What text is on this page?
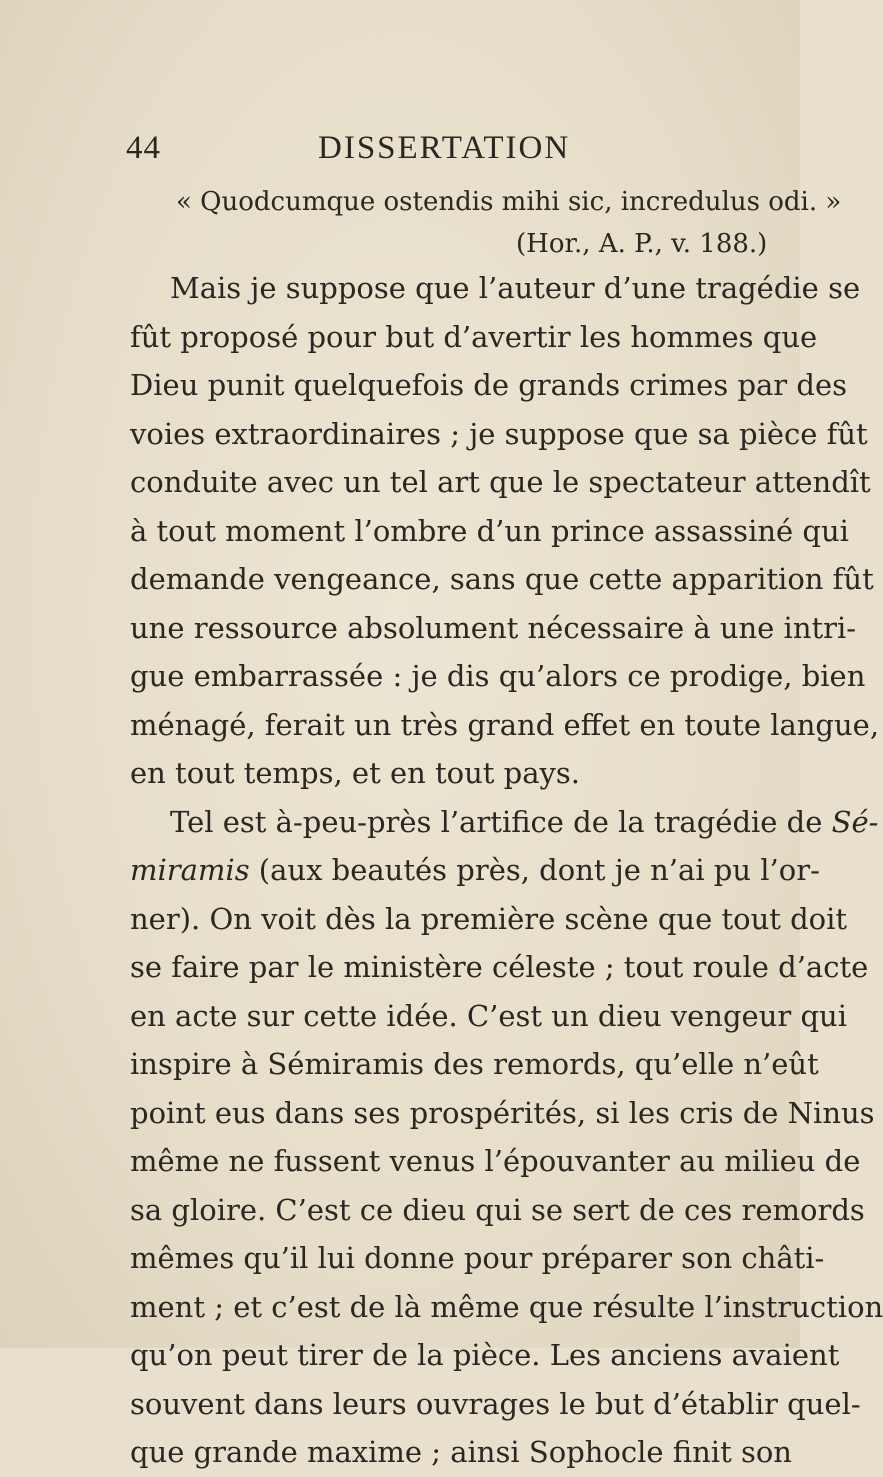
44	DISSERTATION
« Quodcumque ostendis mihi sic, incredulus odi. »
(Hor., A. P., v. 188.)
Mais je suppose que l’auteur d’une tragédie se
fût proposé pour but d’avertir les hommes que
Dieu punit quelquefois de grands crimes par des
voies extraordinaires ; je suppose que sa pièce fût
conduite avec un tel art que le spectateur attendît
à tout moment l’ombre d’un prince assassiné qui
demande vengeance, sans que cette apparition fût
une ressource absolument nécessaire à une intri-
gue embarrassée : je dis qu’alors ce prodige, bien
ménagé, ferait un très grand effet en toute langue,
en tout temps, et en tout pays.
Tel est à-peu-près l’artifice de la tragédie de Sé-
miramis (aux beautés près, dont je n’ai pu l’or-
ner). On voit dès la première scène que tout doit
se faire par le ministère céleste ; tout roule d’acte
en acte sur cette idée. C’est un dieu vengeur qui
inspire à Sémiramis des remords, qu’elle n’eût
point eus dans ses prospérités, si les cris de Ninus
même ne fussent venus l’épouvanter au milieu de
sa gloire. C’est ce dieu qui se sert de ces remords
mêmes qu’il lui donne pour préparer son châti-
ment ; et c’est de là même que résulte l’instruction
qu’on peut tirer de la pièce. Les anciens avaient
souvent dans leurs ouvrages le but d’établir quel-
que grande maxime ; ainsi Sophocle finit son
